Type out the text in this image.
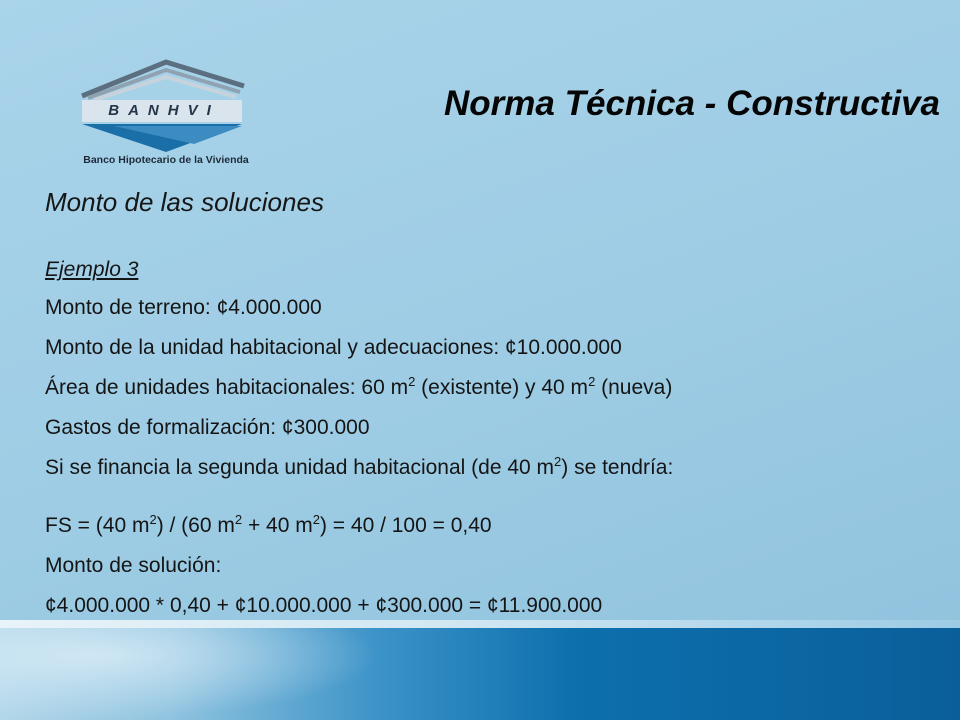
BANHVI
Banco Hipotecario de la Vivienda
Norma Técnica - Constructiva
Monto de las soluciones
Ejemplo 3
Monto de terreno: ¢4.000.000
Monto de la unidad habitacional y adecuaciones: ¢10.000.000
Área de unidades habitacionales: 60 $m^2$ (existente) y 40 $m^2$ (nueva)
Gastos de formalización: ¢300.000
Si se financia la segunda unidad habitacional (de 40 $m^2$) se tendría:
FS = (40 $m^2) / (60$ $m^2 + 40$ $m^2) = 40 / 100 = 0,40$
Monto de solución:
¢4.000.000 * 0,40 + ¢10.000.000 + ¢300.000 = ¢11.900.000
